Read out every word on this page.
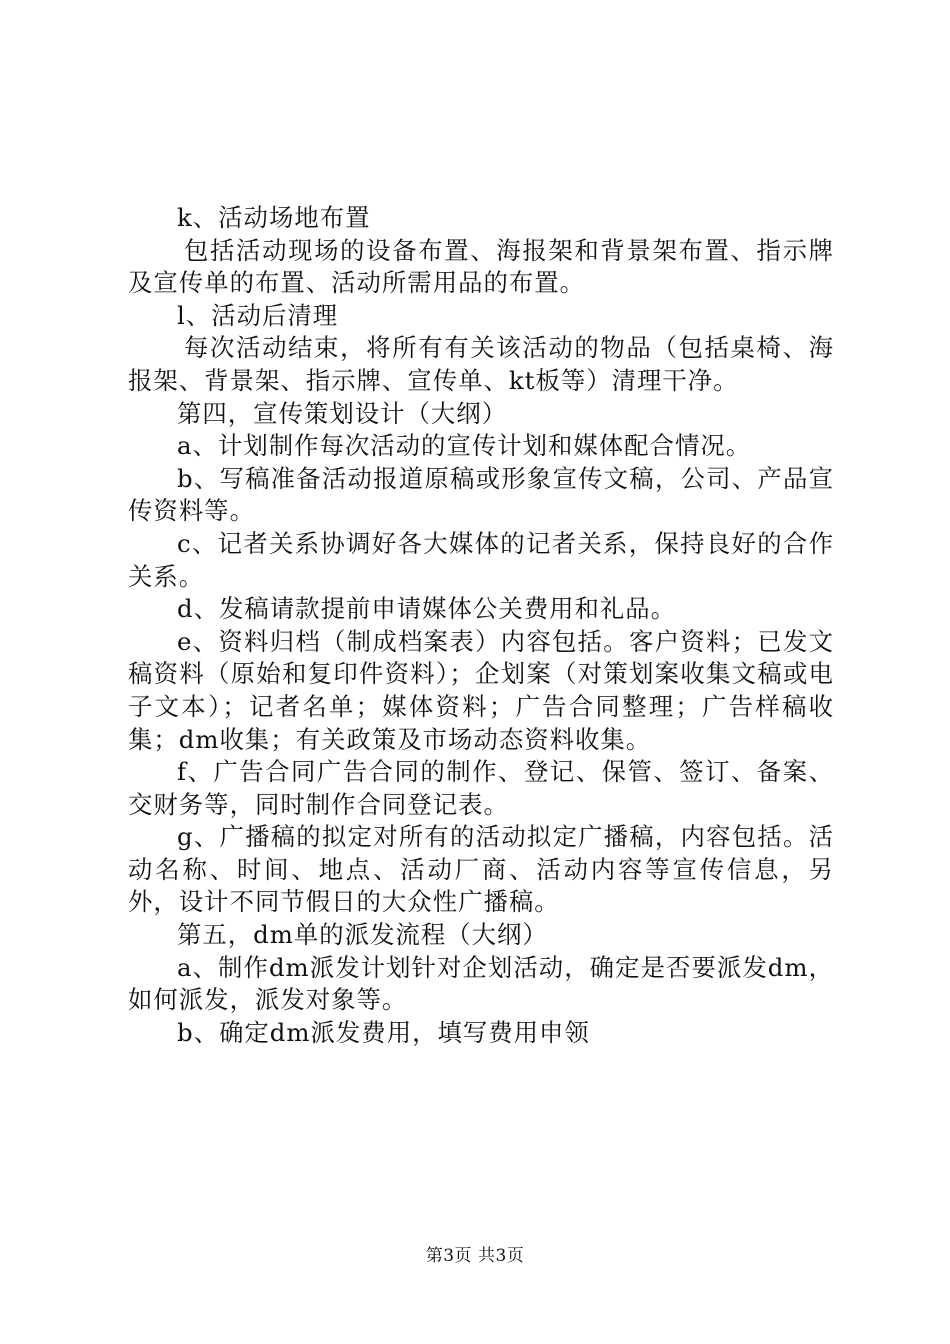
k、活动场地布置

包括活动现场的设备布置、海报架和背景架布置、指示牌及宣传单的布置、活动所需用品的布置。

l、活动后清理

每次活动结束，将所有有关该活动的物品（包括桌椅、海报架、背景架、指示牌、宣传单、kt板等）清理干净。

第四，宣传策划设计（大纲）

a、计划制作每次活动的宣传计划和媒体配合情况。

b、写稿准备活动报道原稿或形象宣传文稿，公司、产品宣传资料等。

c、记者关系协调好各大媒体的记者关系，保持良好的合作关系。

d、发稿请款提前申请媒体公关费用和礼品。

e、资料归档（制成档案表）内容包括。客户资料；已发文稿资料（原始和复印件资料）；企划案（对策划案收集文稿或电子文本）；记者名单；媒体资料；广告合同整理；广告样稿收集；dm收集；有关政策及市场动态资料收集。

f、广告合同广告合同的制作、登记、保管、签订、备案、交财务等，同时制作合同登记表。

g、广播稿的拟定对所有的活动拟定广播稿，内容包括。活动名称、时间、地点、活动厂商、活动内容等宣传信息，另外，设计不同节假日的大众性广播稿。

第五，dm单的派发流程（大纲）

a、制作dm派发计划针对企划活动，确定是否要派发dm，如何派发，派发对象等。

b、确定dm派发费用，填写费用申领

第3页 共3页
